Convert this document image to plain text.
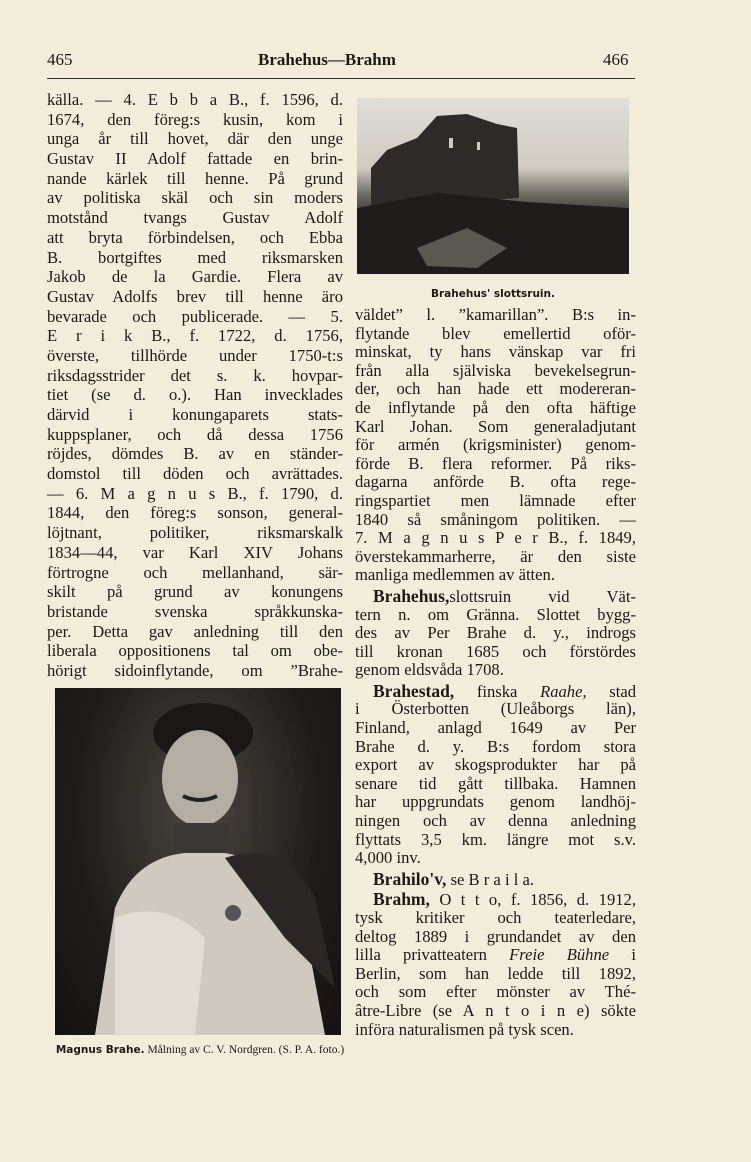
465	Brahehus—Brahm	466
källa. — 4. E b b a B., f. 1596, d.
1674, den föreg:s kusin, kom i
unga år till hovet, där den unge
Gustav II Adolf fattade en brin-
nande kärlek till henne. På grund
av politiska skäl och sin moders
motstånd tvangs Gustav Adolf
att bryta förbindelsen, och Ebba
B. bortgiftes med riksmarsken
Jakob de la Gardie. Flera av
Gustav Adolfs brev till henne äro
bevarade och publicerade. — 5.
E r i k B., f. 1722, d. 1756,
överste, tillhörde under 1750-t:s
riksdagsstrider det s. k. hovpar-
tiet (se d. o.). Han invecklades
därvid i konungaparets stats-
kuppsplaner, och då dessa 1756
röjdes, dömdes B. av en ständer-
domstol till döden och avrättades.
— 6. M a g n u s B., f. 1790, d.
1844, den föreg:s sonson, general-
löjtnant, politiker, riksmarskalk
1834—44, var Karl XIV Johans
förtrogne och mellanhand, sär-
skilt på grund av konungens
bristande svenska språkkunska-
per. Detta gav anledning till den
liberala oppositionens tal om obe-
hörigt sidoinflytande, om ”Brahe-
Brahehus' slottsruin.
väldet” l. ”kamarillan”. B:s in-
flytande blev emellertid oför-
minskat, ty hans vänskap var fri
från alla själviska bevekelsegrun-
der, och han hade ett modereran-
de inflytande på den ofta häftige
Karl Johan. Som generaladjutant
för armén (krigsminister) genom-
förde B. flera reformer. På riks-
dagarna anförde B. ofta rege-
ringspartiet men lämnade efter
1840 så småningom politiken. —
7. M a g n u s P e r B., f. 1849,
överstekammarherre, är den siste
manliga medlemmen av ätten.
Brahehus,slottsruin vid Vät-
tern n. om Gränna. Slottet bygg-
des av Per Brahe d. y., indrogs
till kronan 1685 och förstördes
genom eldsvåda 1708.
Brahestad, finska Raahe, stad
i Österbotten (Uleåborgs län),
Finland, anlagd 1649 av Per
Brahe d. y. B:s fordom stora
export av skogsprodukter har på
senare tid gått tillbaka. Hamnen
har uppgrundats genom landhöj-
ningen och av denna anledning
flyttats 3,5 km. längre mot s.v.
4,000 inv.
Brahilo'v, se B r a i l a.
Brahm, O t t o, f. 1856, d. 1912,
tysk kritiker och teaterledare,
deltog 1889 i grundandet av den
lilla privatteatern Freie Bühne i
Berlin, som han ledde till 1892,
och som efter mönster av Thé-
âtre-Libre (se A n t o i n e) sökte
införa naturalismen på tysk scen.
Magnus Brahe. Målning av C. V. Nordgren. (S. P. A. foto.)
